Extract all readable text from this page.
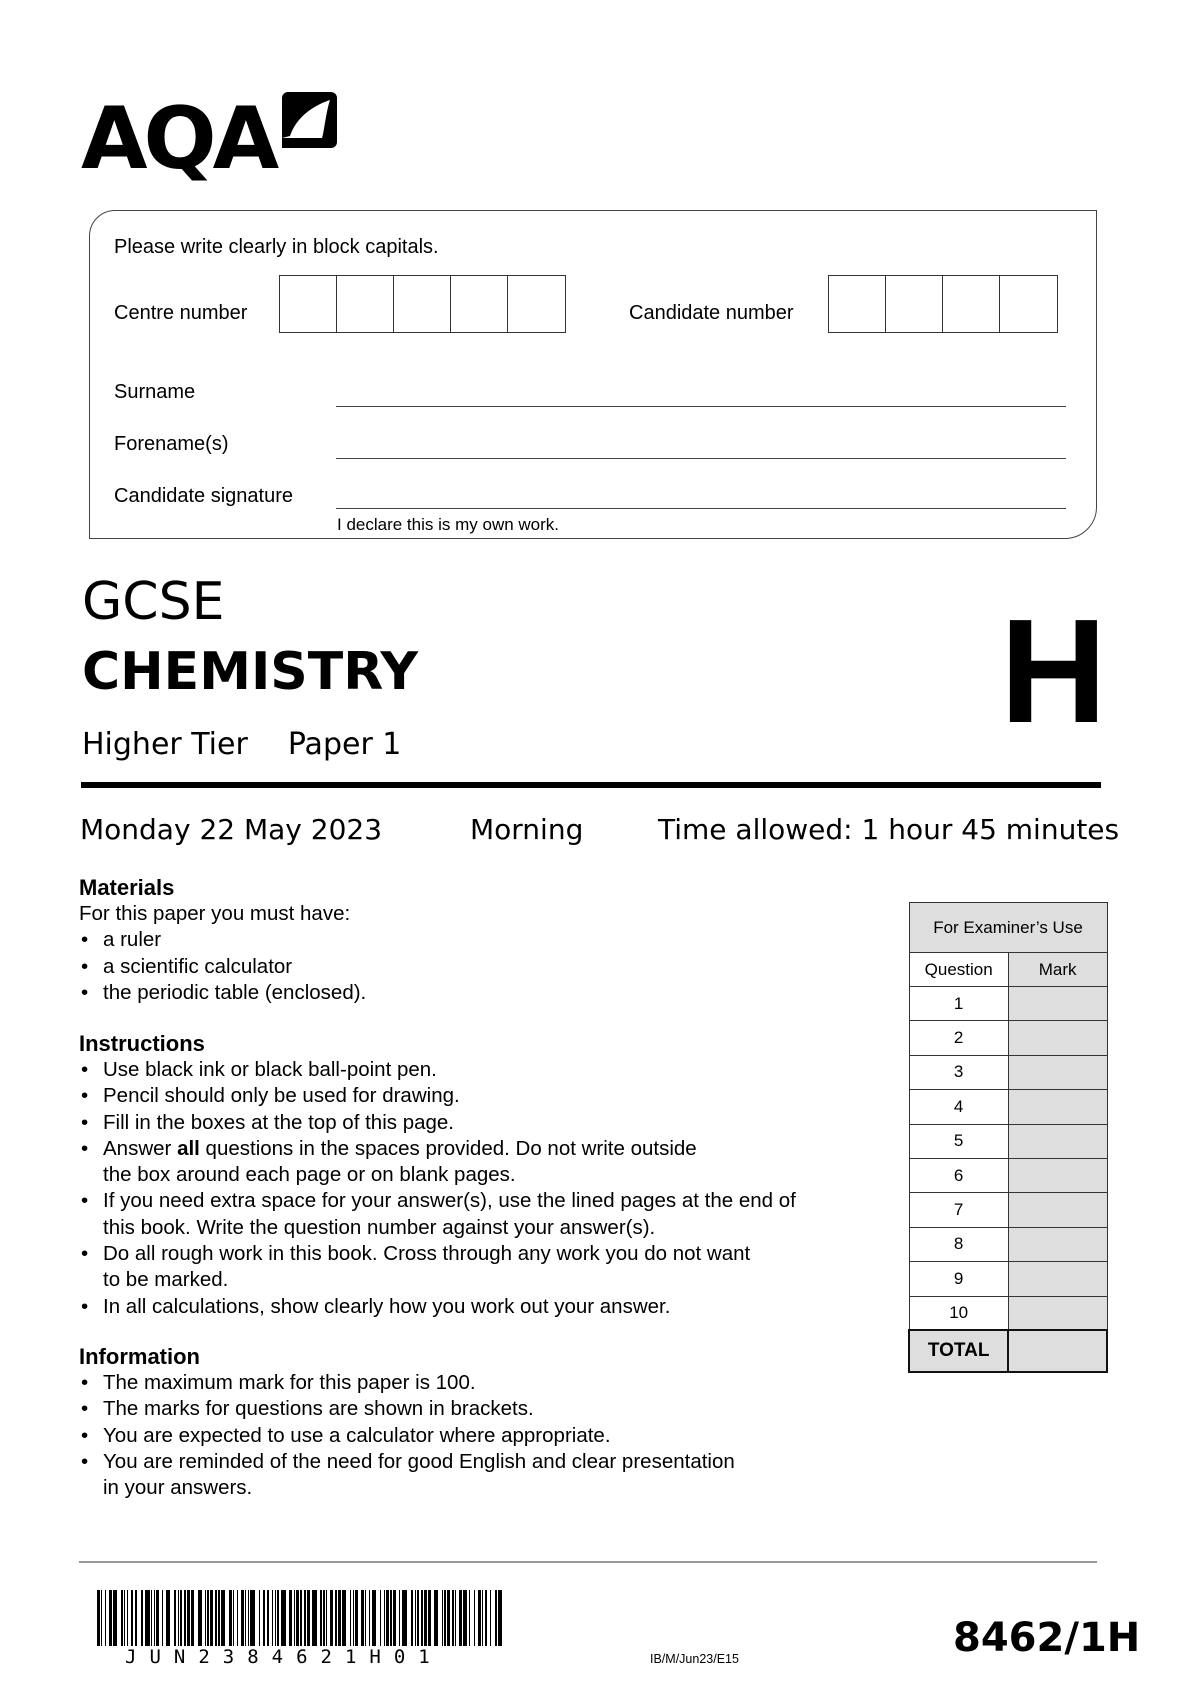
AQA
Please write clearly in block capitals.
Centre number	Candidate number
Surname
Forename(s)
Candidate signature
I declare this is my own work.
GCSE
CHEMISTRY
Higher Tier Paper 1	H
Monday 22 May 2023	Morning	Time allowed: 1 hour 45 minutes
Materials
For this paper you must have:
• a ruler
• a scientific calculator
• the periodic table (enclosed).
Instructions
• Use black ink or black ball-point pen.
• Pencil should only be used for drawing.
• Fill in the boxes at the top of this page.
• Answer all questions in the spaces provided. Do not write outside
the box around each page or on blank pages.
• If you need extra space for your answer(s), use the lined pages at the end of
this book. Write the question number against your answer(s).
• Do all rough work in this book. Cross through any work you do not want
to be marked.
• In all calculations, show clearly how you work out your answer.
Information
• The maximum mark for this paper is 100.
• The marks for questions are shown in brackets.
• You are expected to use a calculator where appropriate.
• You are reminded of the need for good English and clear presentation
in your answers.
For Examiner’s Use	
Question	Mark
1	
2	
3	
4	
5	
6	
7	
8	
9	
10	
TOTAL	
JUN2384621H01	IB/M/Jun23/E15	8462/1H
